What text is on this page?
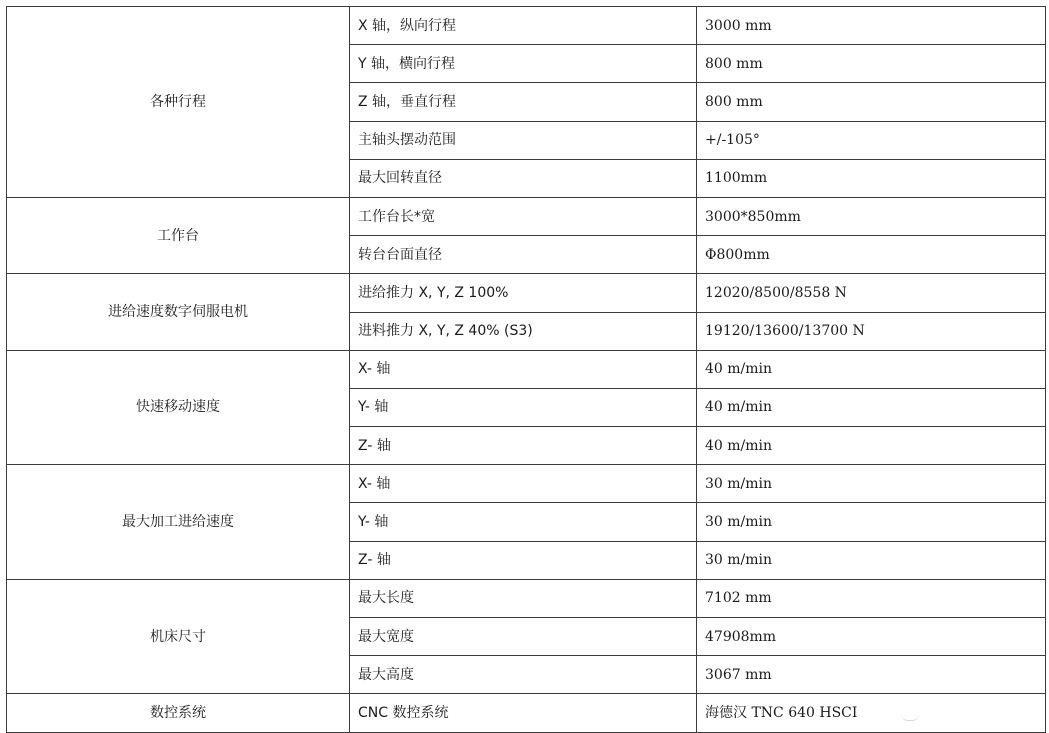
各种行程	X 轴，纵向行程	3000 mm
	Y 轴，横向行程	800 mm
	Z 轴，垂直行程	800 mm
	主轴头摆动范围	+/-105°
	最大回转直径	1100mm
工作台	工作台长*宽	3000*850mm
	转台台面直径	Φ800mm
进给速度数字伺服电机	进给推力 X, Y, Z 100%	12020/8500/8558 N
	进料推力 X, Y, Z 40% (S3)	19120/13600/13700 N
快速移动速度	X- 轴	40 m/min
	Y- 轴	40 m/min
	Z- 轴	40 m/min
最大加工进给速度	X- 轴	30 m/min
	Y- 轴	30 m/min
	Z- 轴	30 m/min
机床尺寸	最大长度	7102 mm
	最大宽度	47908mm
	最大高度	3067 mm
数控系统	CNC 数控系统	海德汉 TNC 640 HSCI
